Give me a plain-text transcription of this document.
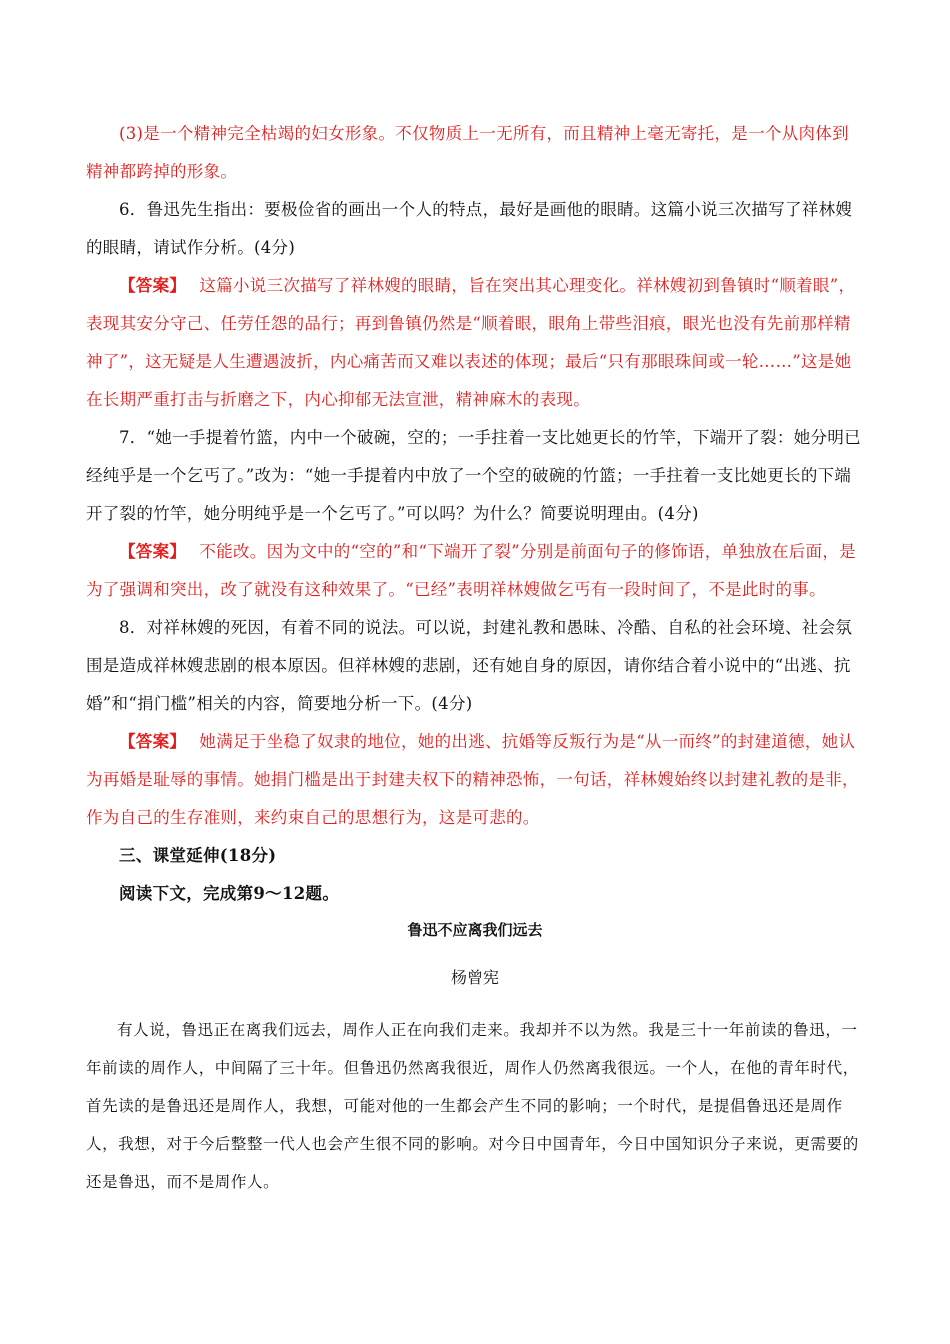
(3)是一个精神完全枯竭的妇女形象。不仅物质上一无所有，而且精神上毫无寄托，是一个从肉体到精神都跨掉的形象。

6．鲁迅先生指出：要极俭省的画出一个人的特点，最好是画他的眼睛。这篇小说三次描写了祥林嫂的眼睛，请试作分析。(4分)

【答案】 这篇小说三次描写了祥林嫂的眼睛，旨在突出其心理变化。祥林嫂初到鲁镇时“顺着眼”，表现其安分守己、任劳任怨的品行；再到鲁镇仍然是“顺着眼，眼角上带些泪痕，眼光也没有先前那样精神了”，这无疑是人生遭遇波折，内心痛苦而又难以表述的体现；最后“只有那眼珠间或一轮……”这是她在长期严重打击与折磨之下，内心抑郁无法宣泄，精神麻木的表现。

7．“她一手提着竹篮，内中一个破碗，空的；一手拄着一支比她更长的竹竿，下端开了裂：她分明已经纯乎是一个乞丐了。”改为：“她一手提着内中放了一个空的破碗的竹篮；一手拄着一支比她更长的下端开了裂的竹竿，她分明纯乎是一个乞丐了。”可以吗？为什么？简要说明理由。(4分)

【答案】 不能改。因为文中的“空的”和“下端开了裂”分别是前面句子的修饰语，单独放在后面，是为了强调和突出，改了就没有这种效果了。“已经”表明祥林嫂做乞丐有一段时间了，不是此时的事。

8．对祥林嫂的死因，有着不同的说法。可以说，封建礼教和愚昧、冷酷、自私的社会环境、社会氛围是造成祥林嫂悲剧的根本原因。但祥林嫂的悲剧，还有她自身的原因，请你结合着小说中的“出逃、抗婚”和“捐门槛”相关的内容，简要地分析一下。(4分)

【答案】 她满足于坐稳了奴隶的地位，她的出逃、抗婚等反叛行为是“从一而终”的封建道德，她认为再婚是耻辱的事情。她捐门槛是出于封建夫权下的精神恐怖，一句话，祥林嫂始终以封建礼教的是非，作为自己的生存准则，来约束自己的思想行为，这是可悲的。

三、课堂延伸(18分)

阅读下文，完成第9～12题。

鲁迅不应离我们远去

杨曾宪

有人说，鲁迅正在离我们远去，周作人正在向我们走来。我却并不以为然。我是三十一年前读的鲁迅，一年前读的周作人，中间隔了三十年。但鲁迅仍然离我很近，周作人仍然离我很远。一个人，在他的青年时代，首先读的是鲁迅还是周作人，我想，可能对他的一生都会产生不同的影响；一个时代，是提倡鲁迅还是周作人，我想，对于今后整整一代人也会产生很不同的影响。对今日中国青年，今日中国知识分子来说，更需要的还是鲁迅，而不是周作人。
